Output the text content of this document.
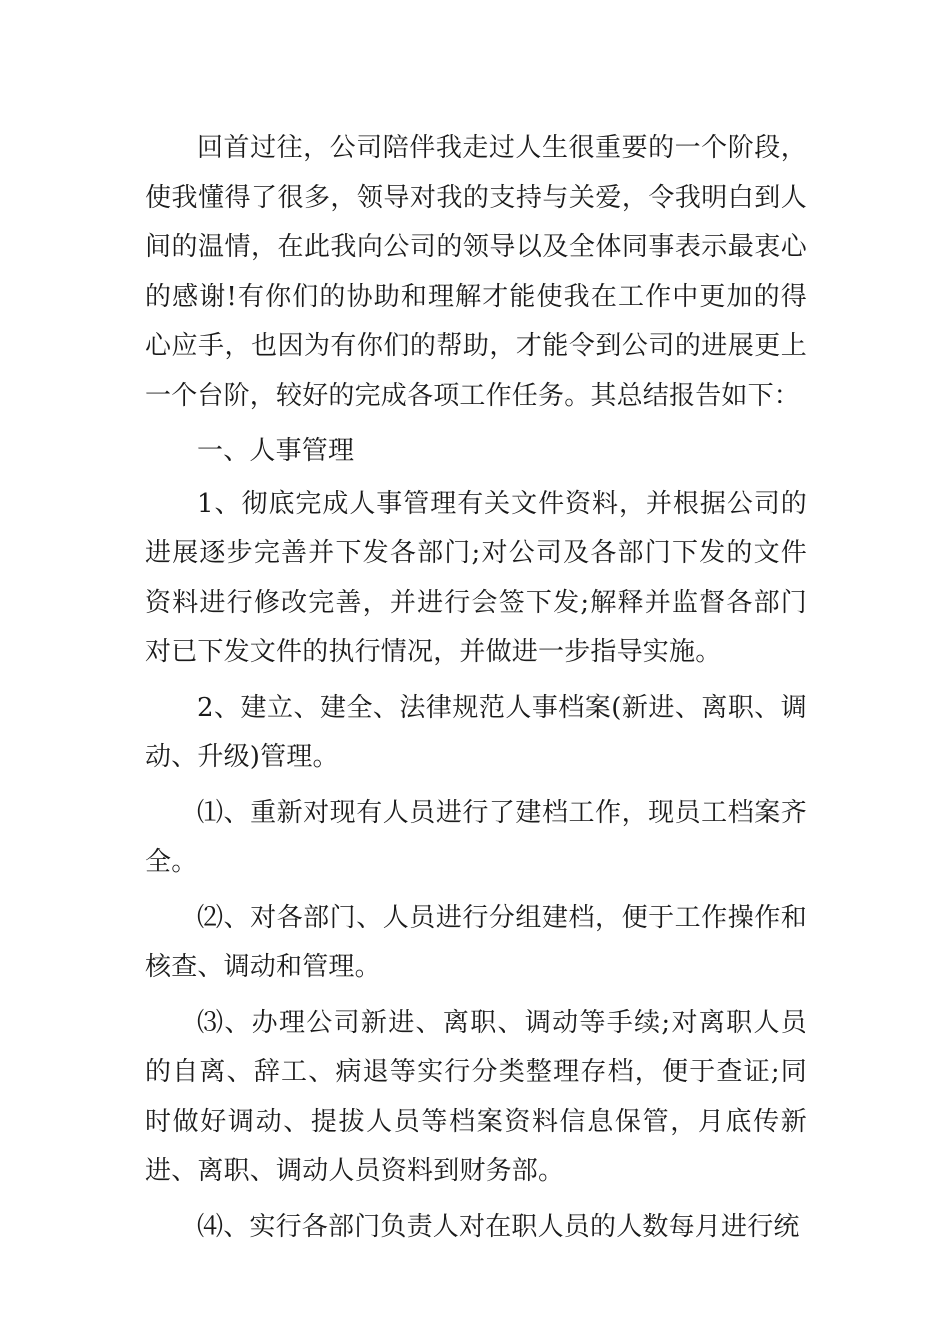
回首过往，公司陪伴我走过人生很重要的一个阶段，使我懂得了很多，领导对我的支持与关爱，令我明白到人间的温情，在此我向公司的领导以及全体同事表示最衷心的感谢!有你们的协助和理解才能使我在工作中更加的得心应手，也因为有你们的帮助，才能令到公司的进展更上一个台阶，较好的完成各项工作任务。其总结报告如下：

一、人事管理

1、彻底完成人事管理有关文件资料，并根据公司的进展逐步完善并下发各部门;对公司及各部门下发的文件资料进行修改完善，并进行会签下发;解释并监督各部门对已下发文件的执行情况，并做进一步指导实施。

2、建立、建全、法律规范人事档案(新进、离职、调动、升级)管理。

⑴、重新对现有人员进行了建档工作，现员工档案齐全。

⑵、对各部门、人员进行分组建档，便于工作操作和核查、调动和管理。

⑶、办理公司新进、离职、调动等手续;对离职人员的自离、辞工、病退等实行分类整理存档，便于查证;同时做好调动、提拔人员等档案资料信息保管，月底传新进、离职、调动人员资料到财务部。

⑷、实行各部门负责人对在职人员的人数每月进行统
